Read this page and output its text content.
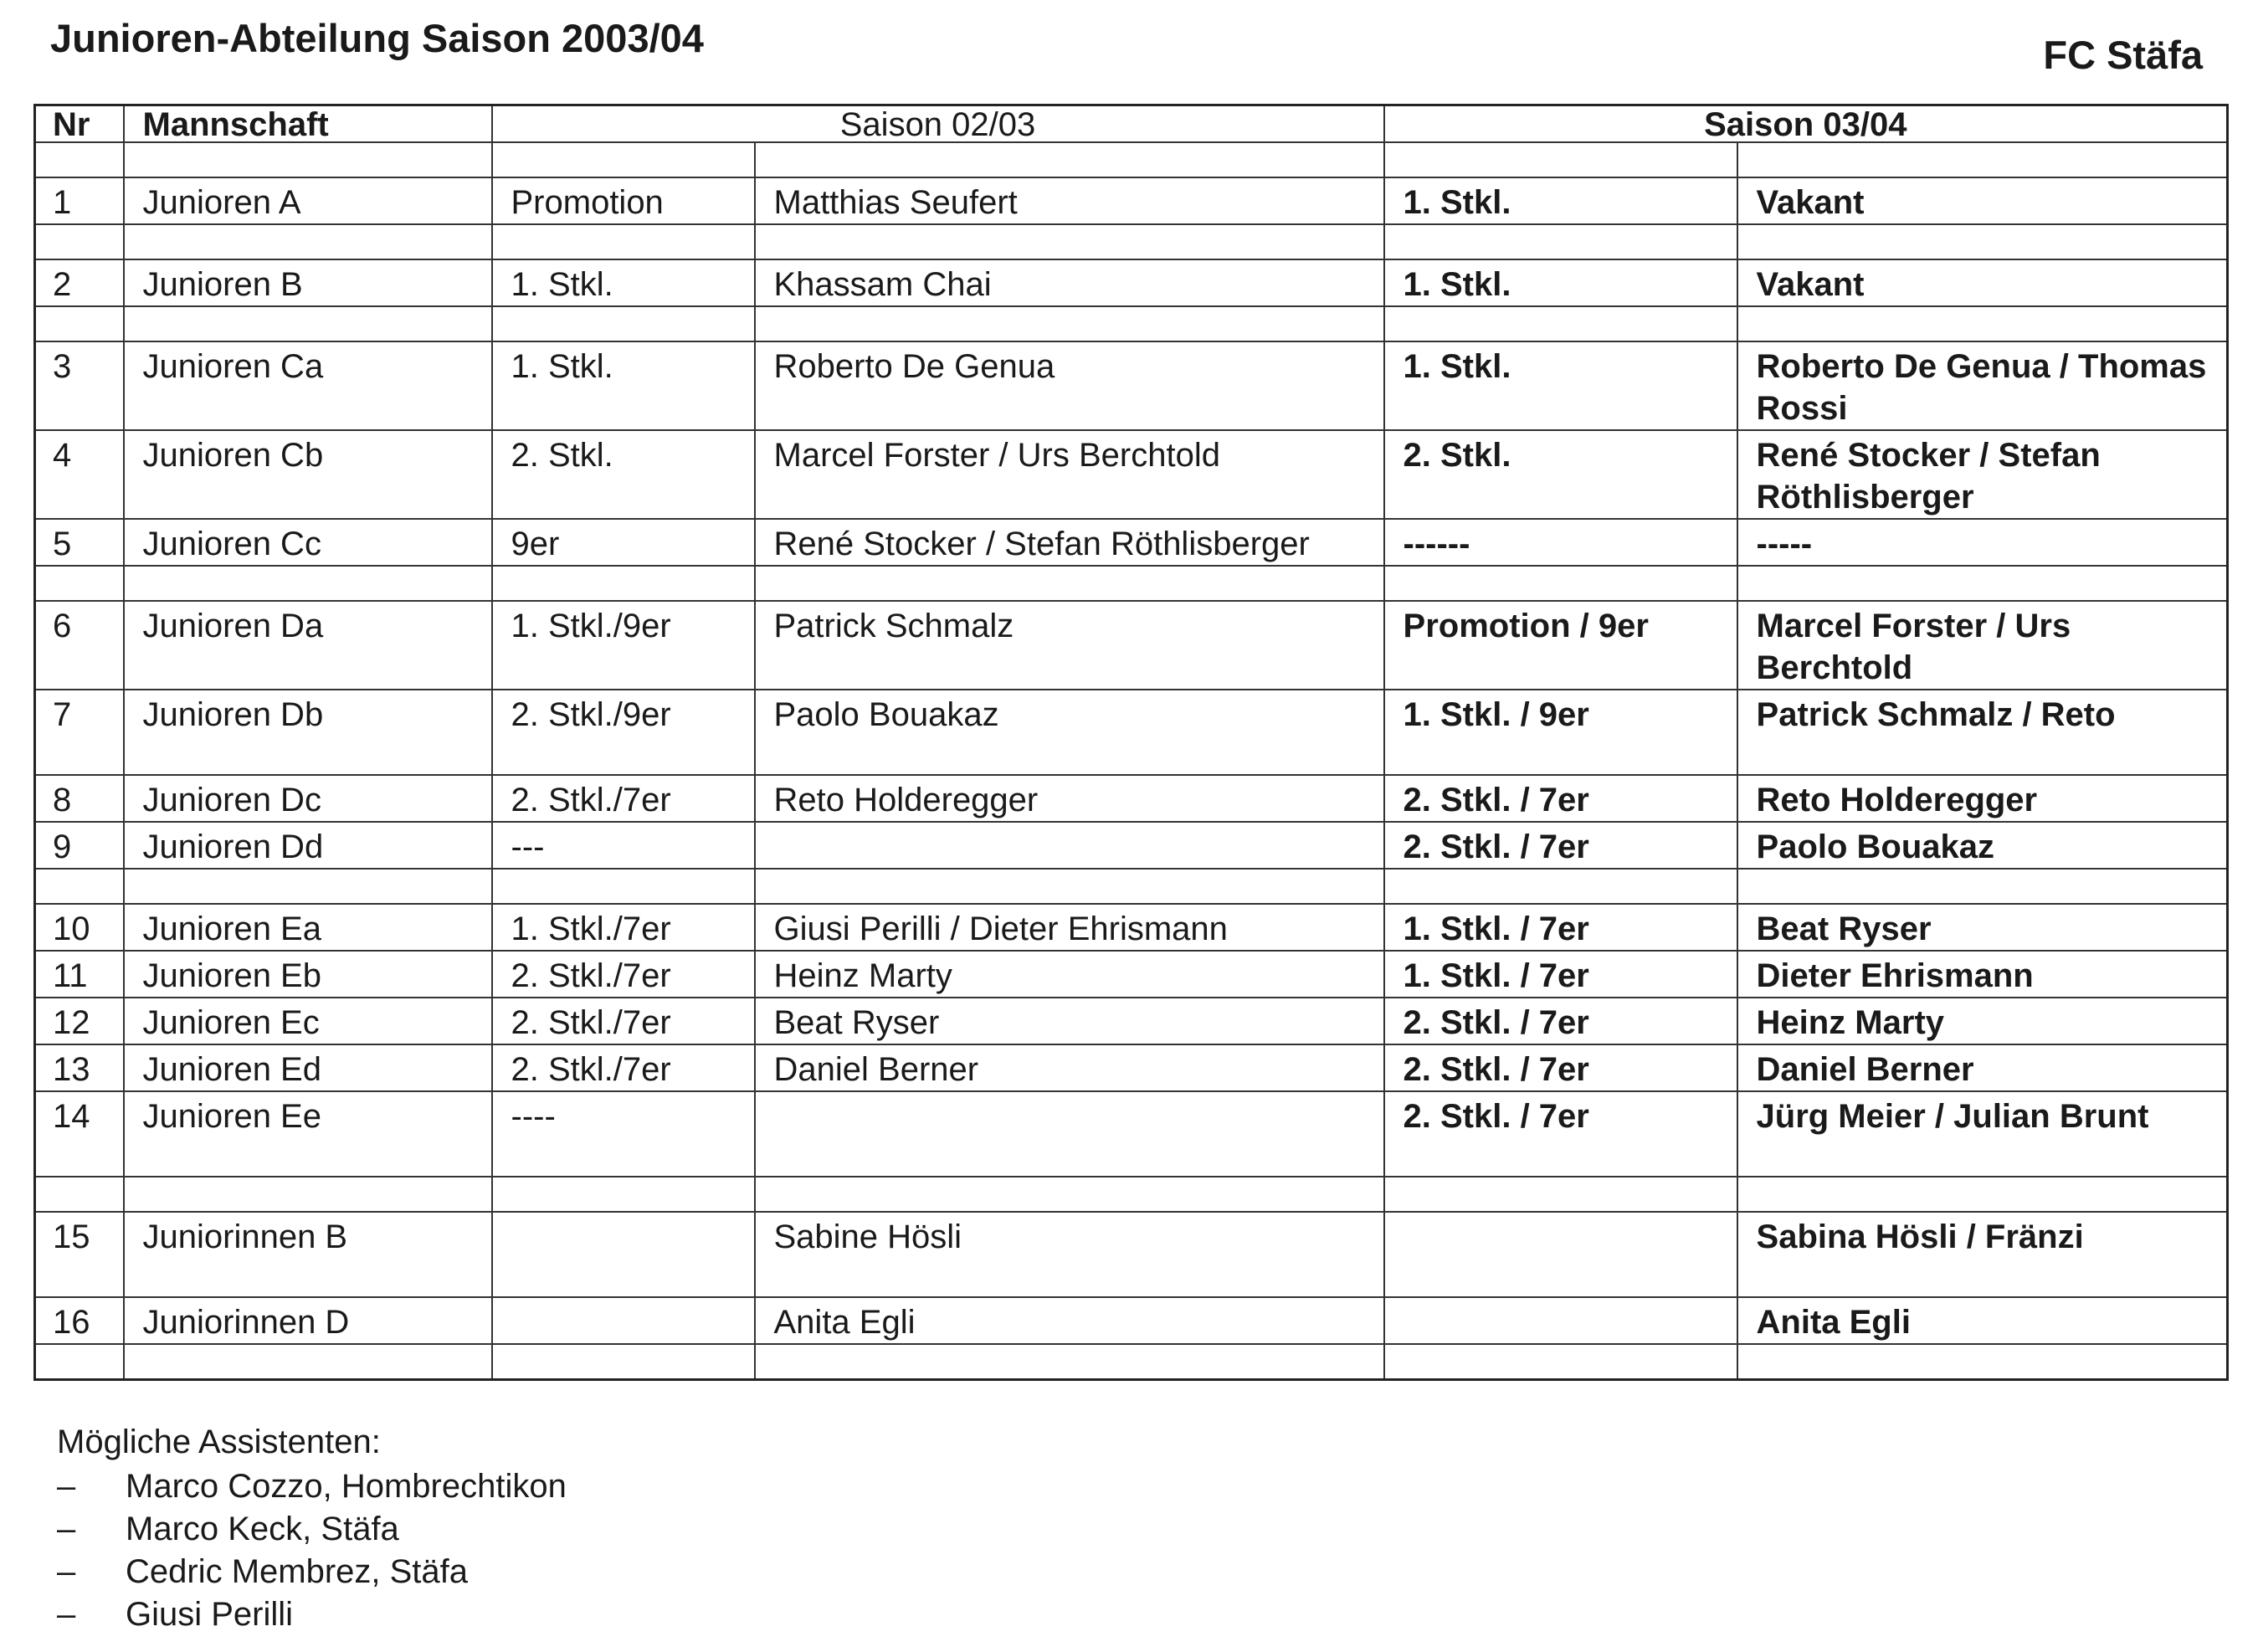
Junioren-Abteilung Saison 2003/04	FC Stäfa
Nr	Mannschaft	Saison 02/03		Saison 03/04	

1	Junioren A	Promotion	Matthias Seufert	1. Stkl.	Vakant

2	Junioren B	1. Stkl.	Khassam Chai	1. Stkl.	Vakant

3	Junioren Ca	1. Stkl.	Roberto De Genua	1. Stkl.	Roberto De Genua / Thomas Rossi
4	Junioren Cb	2. Stkl.	Marcel Forster / Urs Berchtold	2. Stkl.	René Stocker / Stefan Röthlisberger
5	Junioren Cc	9er	René Stocker / Stefan Röthlisberger	------	-----

6	Junioren Da	1. Stkl./9er	Patrick Schmalz	Promotion / 9er	Marcel Forster / Urs Berchtold
7	Junioren Db	2. Stkl./9er	Paolo Bouakaz	1. Stkl. / 9er	Patrick Schmalz / Reto
8	Junioren Dc	2. Stkl./7er	Reto Holderegger	2. Stkl. / 7er	Reto Holderegger
9	Junioren Dd	---		2. Stkl. / 7er	Paolo Bouakaz

10	Junioren Ea	1. Stkl./7er	Giusi Perilli / Dieter Ehrismann	1. Stkl. / 7er	Beat Ryser
11	Junioren Eb	2. Stkl./7er	Heinz Marty	1. Stkl. / 7er	Dieter Ehrismann
12	Junioren Ec	2. Stkl./7er	Beat Ryser	2. Stkl. / 7er	Heinz Marty
13	Junioren Ed	2. Stkl./7er	Daniel Berner	2. Stkl. / 7er	Daniel Berner
14	Junioren Ee	----		2. Stkl. / 7er	Jürg Meier / Julian Brunt

15	Juniorinnen B		Sabine Hösli		Sabina Hösli / Fränzi
16	Juniorinnen D		Anita Egli		Anita Egli

Mögliche Assistenten:

–	Marco Cozzo, Hombrechtikon
–	Marco Keck, Stäfa
–	Cedric Membrez, Stäfa
–	Giusi Perilli
